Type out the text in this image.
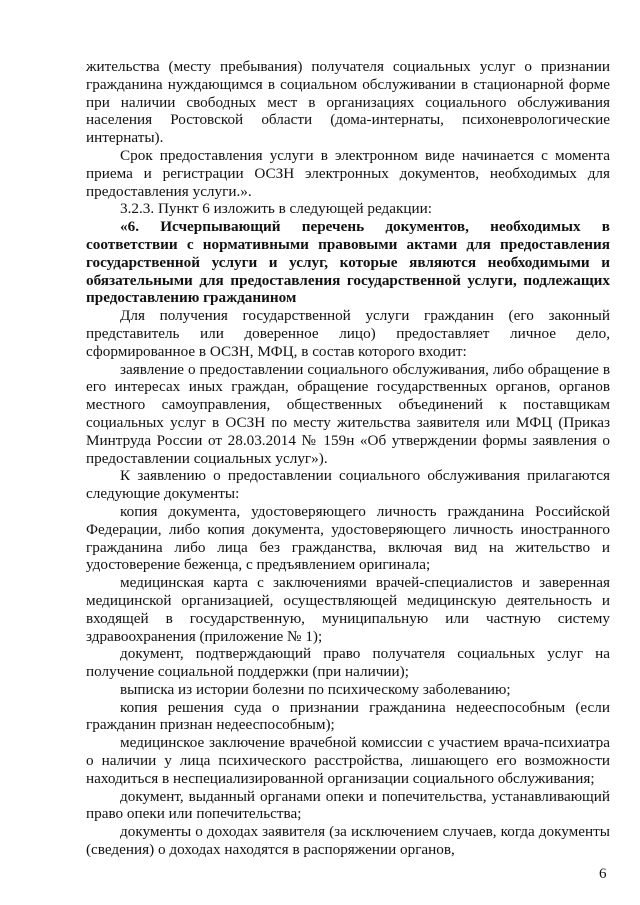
жительства (месту пребывания) получателя социальных услуг о признании гражданина нуждающимся в социальном обслуживании в стационарной форме при наличии свободных мест в организациях социального обслуживания населения Ростовской области (дома-интернаты, психоневрологические интернаты).

Срок предоставления услуги в электронном виде начинается с момента приема и регистрации ОСЗН электронных документов, необходимых для предоставления услуги.».

3.2.3. Пункт 6 изложить в следующей редакции:

«6. Исчерпывающий перечень документов, необходимых в соответствии с нормативными правовыми актами для предоставления государственной услуги и услуг, которые являются необходимыми и обязательными для предоставления государственной услуги, подлежащих предоставлению гражданином

Для получения государственной услуги гражданин (его законный представитель или доверенное лицо) предоставляет личное дело, сформированное в ОСЗН, МФЦ, в состав которого входит:

заявление о предоставлении социального обслуживания, либо обращение в его интересах иных граждан, обращение государственных органов, органов местного самоуправления, общественных объединений к поставщикам социальных услуг в ОСЗН по месту жительства заявителя или МФЦ (Приказ Минтруда России от 28.03.2014 № 159н «Об утверждении формы заявления о предоставлении социальных услуг»).

К заявлению о предоставлении социального обслуживания прилагаются следующие документы:

копия документа, удостоверяющего личность гражданина Российской Федерации, либо копия документа, удостоверяющего личность иностранного гражданина либо лица без гражданства, включая вид на жительство и удостоверение беженца, с предъявлением оригинала;

медицинская карта с заключениями врачей-специалистов и заверенная медицинской организацией, осуществляющей медицинскую деятельность и входящей в государственную, муниципальную или частную систему здравоохранения (приложение № 1);

документ, подтверждающий право получателя социальных услуг на получение социальной поддержки (при наличии);

выписка из истории болезни по психическому заболеванию;

копия решения суда о признании гражданина недееспособным (если гражданин признан недееспособным);

медицинское заключение врачебной комиссии с участием врача-психиатра о наличии у лица психического расстройства, лишающего его возможности находиться в неспециализированной организации социального обслуживания;

документ, выданный органами опеки и попечительства, устанавливающий право опеки или попечительства;

документы о доходах заявителя (за исключением случаев, когда документы (сведения) о доходах находятся в распоряжении органов,

6
